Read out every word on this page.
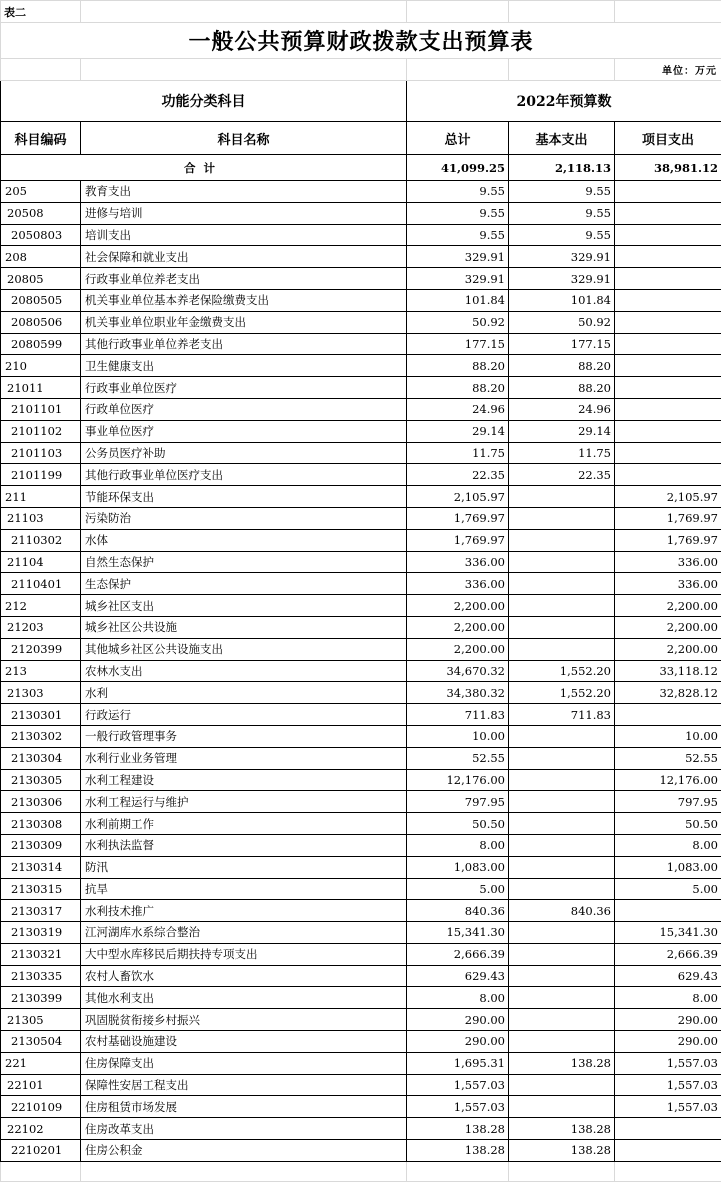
表二				
一般公共预算财政拨款支出预算表				
				单位：万元
功能分类科目		2022年预算数		
科目编码	科目名称	总计	基本支出	项目支出
合计		41,099.25	2,118.13	38,981.12
205	教育支出	9.55	9.55	
20508	进修与培训	9.55	9.55	
2050803	培训支出	9.55	9.55	
208	社会保障和就业支出	329.91	329.91	
20805	行政事业单位养老支出	329.91	329.91	
2080505	机关事业单位基本养老保险缴费支出	101.84	101.84	
2080506	机关事业单位职业年金缴费支出	50.92	50.92	
2080599	其他行政事业单位养老支出	177.15	177.15	
210	卫生健康支出	88.20	88.20	
21011	行政事业单位医疗	88.20	88.20	
2101101	行政单位医疗	24.96	24.96	
2101102	事业单位医疗	29.14	29.14	
2101103	公务员医疗补助	11.75	11.75	
2101199	其他行政事业单位医疗支出	22.35	22.35	
211	节能环保支出	2,105.97		2,105.97
21103	污染防治	1,769.97		1,769.97
2110302	水体	1,769.97		1,769.97
21104	自然生态保护	336.00		336.00
2110401	生态保护	336.00		336.00
212	城乡社区支出	2,200.00		2,200.00
21203	城乡社区公共设施	2,200.00		2,200.00
2120399	其他城乡社区公共设施支出	2,200.00		2,200.00
213	农林水支出	34,670.32	1,552.20	33,118.12
21303	水利	34,380.32	1,552.20	32,828.12
2130301	行政运行	711.83	711.83	
2130302	一般行政管理事务	10.00		10.00
2130304	水利行业业务管理	52.55		52.55
2130305	水利工程建设	12,176.00		12,176.00
2130306	水利工程运行与维护	797.95		797.95
2130308	水利前期工作	50.50		50.50
2130309	水利执法监督	8.00		8.00
2130314	防汛	1,083.00		1,083.00
2130315	抗旱	5.00		5.00
2130317	水利技术推广	840.36	840.36	
2130319	江河湖库水系综合整治	15,341.30		15,341.30
2130321	大中型水库移民后期扶持专项支出	2,666.39		2,666.39
2130335	农村人畜饮水	629.43		629.43
2130399	其他水利支出	8.00		8.00
21305	巩固脱贫衔接乡村振兴	290.00		290.00
2130504	农村基础设施建设	290.00		290.00
221	住房保障支出	1,695.31	138.28	1,557.03
22101	保障性安居工程支出	1,557.03		1,557.03
2210109	住房租赁市场发展	1,557.03		1,557.03
22102	住房改革支出	138.28	138.28	
2210201	住房公积金	138.28	138.28	
